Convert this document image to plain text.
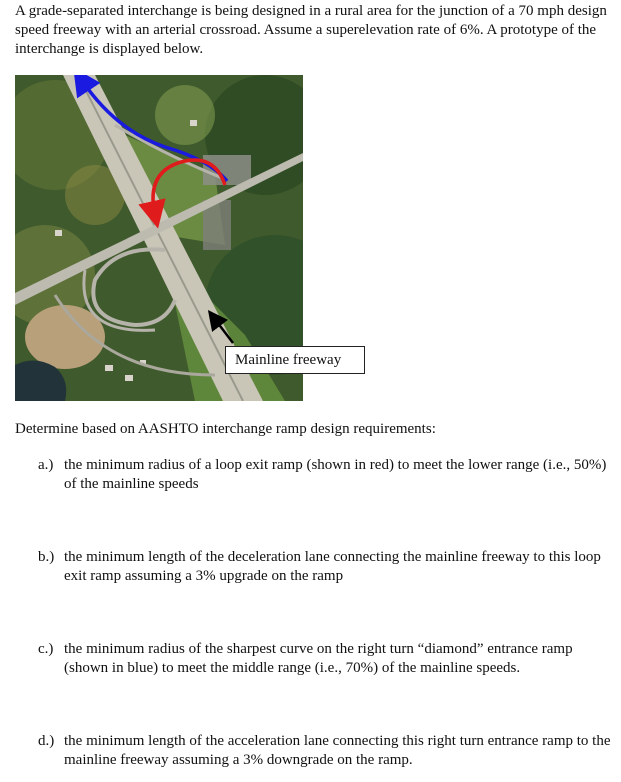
A grade-separated interchange is being designed in a rural area for the junction of a 70 mph design speed freeway with an arterial crossroad. Assume a superelevation rate of 6%. A prototype of the interchange is displayed below.

Mainline freeway

Determine based on AASHTO interchange ramp design requirements:

a.) the minimum radius of a loop exit ramp (shown in red) to meet the lower range (i.e., 50%) of the mainline speeds
b.) the minimum length of the deceleration lane connecting the mainline freeway to this loop exit ramp assuming a 3% upgrade on the ramp
c.) the minimum radius of the sharpest curve on the right turn “diamond” entrance ramp (shown in blue) to meet the middle range (i.e., 70%) of the mainline speeds.
d.) the minimum length of the acceleration lane connecting this right turn entrance ramp to the mainline freeway assuming a 3% downgrade on the ramp.
